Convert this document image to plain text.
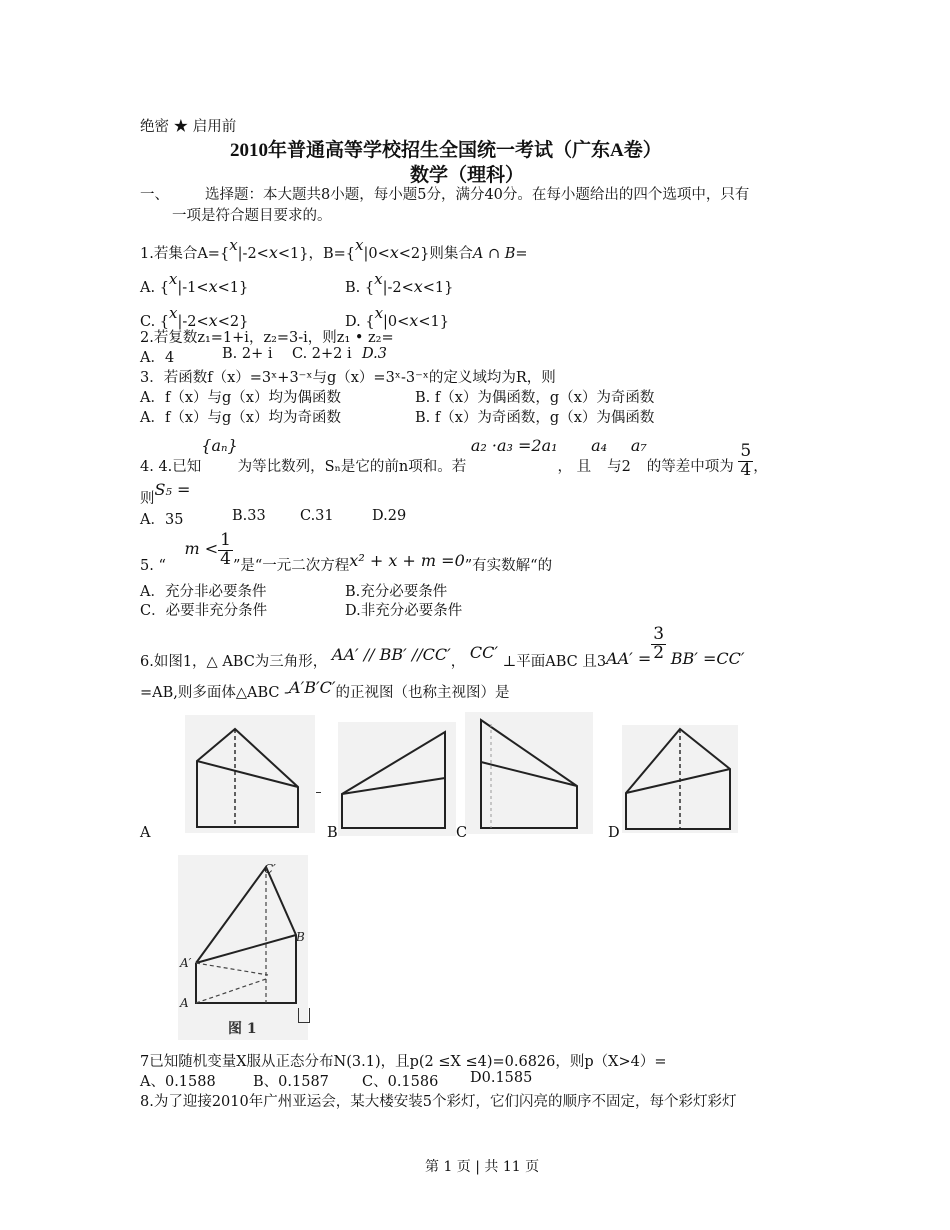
绝密 ★ 启用前
2010年普通高等学校招生全国统一考试（广东A卷）
数学（理科）
一、 选择题：本大题共8小题，每小题5分，满分40分。在每小题给出的四个选项中，只有
一项是符合题目要求的。
1.若集合A={$^x$|-2<x<1}，B={$^x$|0<x<2}则集合A ∩ B=
A. {$^x$|-1<x<1}	B. {$^x$|-2<x<1}
C. {$^x$|-2<x<2}	D. {$^x$|0<x<1}
2.若复数z₁=1+i，z₂=3-i，则z₁ • z₂=
A．4	B. 2+ i C. 2+2 i D.3
3．若函数f（x）=3ˣ+3⁻ˣ与g（x）=3ˣ-3⁻ˣ的定义域均为R，则
A．f（x）与g（x）均为偶函数	B. f（x）为偶函数，g（x）为奇函数
A．f（x）与g（x）均为奇函数	B. f（x）为奇函数，g（x）为偶函数
4. 4.已知{aₙ}为等比数列，Sₙ是它的前n项和。若 a₂ ·a₃ =2a₁， 且a₄与2a₇的等差中项为 $\frac{5}{4}$ ，
则S₅ =
A．35	B.33 C.31	D.29
5. “ $m < \frac{1}{4}$ ”是“一元二次方程x² + x + m =0”有实数解“的
A．充分非必要条件	B.充分必要条件
C．必要非充分条件	D.非充分必要条件
6.如图1，△ ABC为三角形， AA′ // BB′ //CC′， CC′ ⊥平面ABC 且$3AA' = \frac{3}{2} BB' =CC'$
=AB,则多面体△ABC -A′B′C′的正视图（也称主视图）是
A	B	C	D
C′
B
A′
A
图 1
7已知随机变量X服从正态分布N(3.1)，且p(2 ≤X ≤4)=0.6826，则p（X>4）=
A、0.1588	B、0.1587 C、0.1586 D0.1585
8.为了迎接2010年广州亚运会，某大楼安装5个彩灯，它们闪亮的顺序不固定，每个彩灯彩灯
第 1 页 | 共 11 页
